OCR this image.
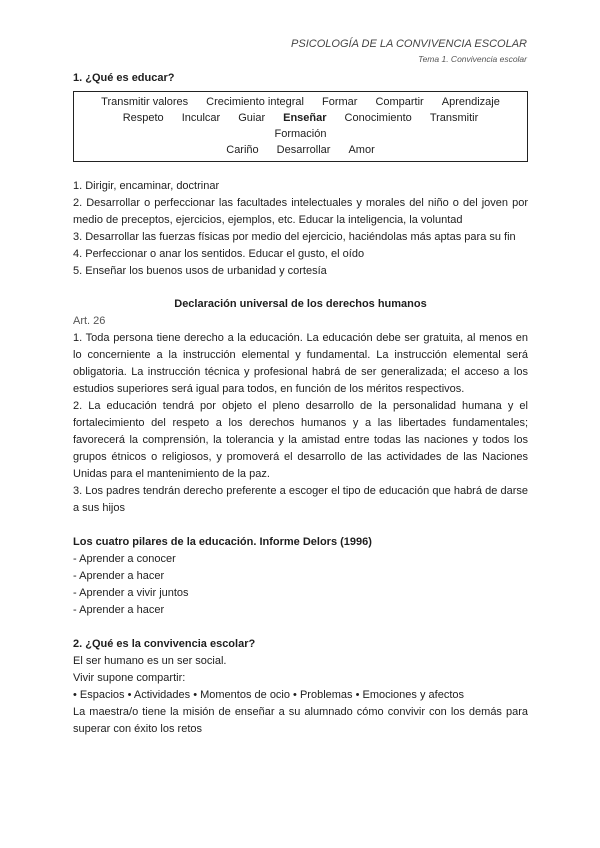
PSICOLOGÍA DE LA CONVIVENCIA ESCOLAR
Tema 1. Convivencia escolar
1. ¿Qué es educar?
Transmitir valores Crecimiento integral Formar Compartir Aprendizaje
Respeto Inculcar Guiar Enseñar Conocimiento TransmitirFormación
Cariño Desarrollar Amor

1. Dirigir, encaminar, doctrinar

2. Desarrollar o perfeccionar las facultades intelectuales y morales del niño o del joven por medio de preceptos, ejercicios, ejemplos, etc. Educar la inteligencia, la voluntad

3. Desarrollar las fuerzas físicas por medio del ejercicio, haciéndolas más aptas para su fin

4. Perfeccionar o anar los sentidos. Educar el gusto, el oído

5. Enseñar los buenos usos de urbanidad y cortesía

Declaración universal de los derechos humanos

Art. 26

1. Toda persona tiene derecho a la educación. La educación debe ser gratuita, al menos en lo concerniente a la instrucción elemental y fundamental. La instrucción elemental será obligatoria. La instrucción técnica y profesional habrá de ser generalizada; el acceso a los estudios superiores será igual para todos, en función de los méritos respectivos.

2. La educación tendrá por objeto el pleno desarrollo de la personalidad humana y el fortalecimiento del respeto a los derechos humanos y a las libertades fundamentales; favorecerá la comprensión, la tolerancia y la amistad entre todas las naciones y todos los grupos étnicos o religiosos, y promoverá el desarrollo de las actividades de las Naciones Unidas para el mantenimiento de la paz.

3. Los padres tendrán derecho preferente a escoger el tipo de educación que habrá de darse a sus hijos

Los cuatro pilares de la educación. Informe Delors (1996)

- Aprender a conocer

- Aprender a hacer

- Aprender a vivir juntos

- Aprender a hacer

2. ¿Qué es la convivencia escolar?

El ser humano es un ser social.

Vivir supone compartir:

• Espacios • Actividades • Momentos de ocio • Problemas • Emociones y afectos

La maestra/o tiene la misión de enseñar a su alumnado cómo convivir con los demás para superar con éxito los retos
